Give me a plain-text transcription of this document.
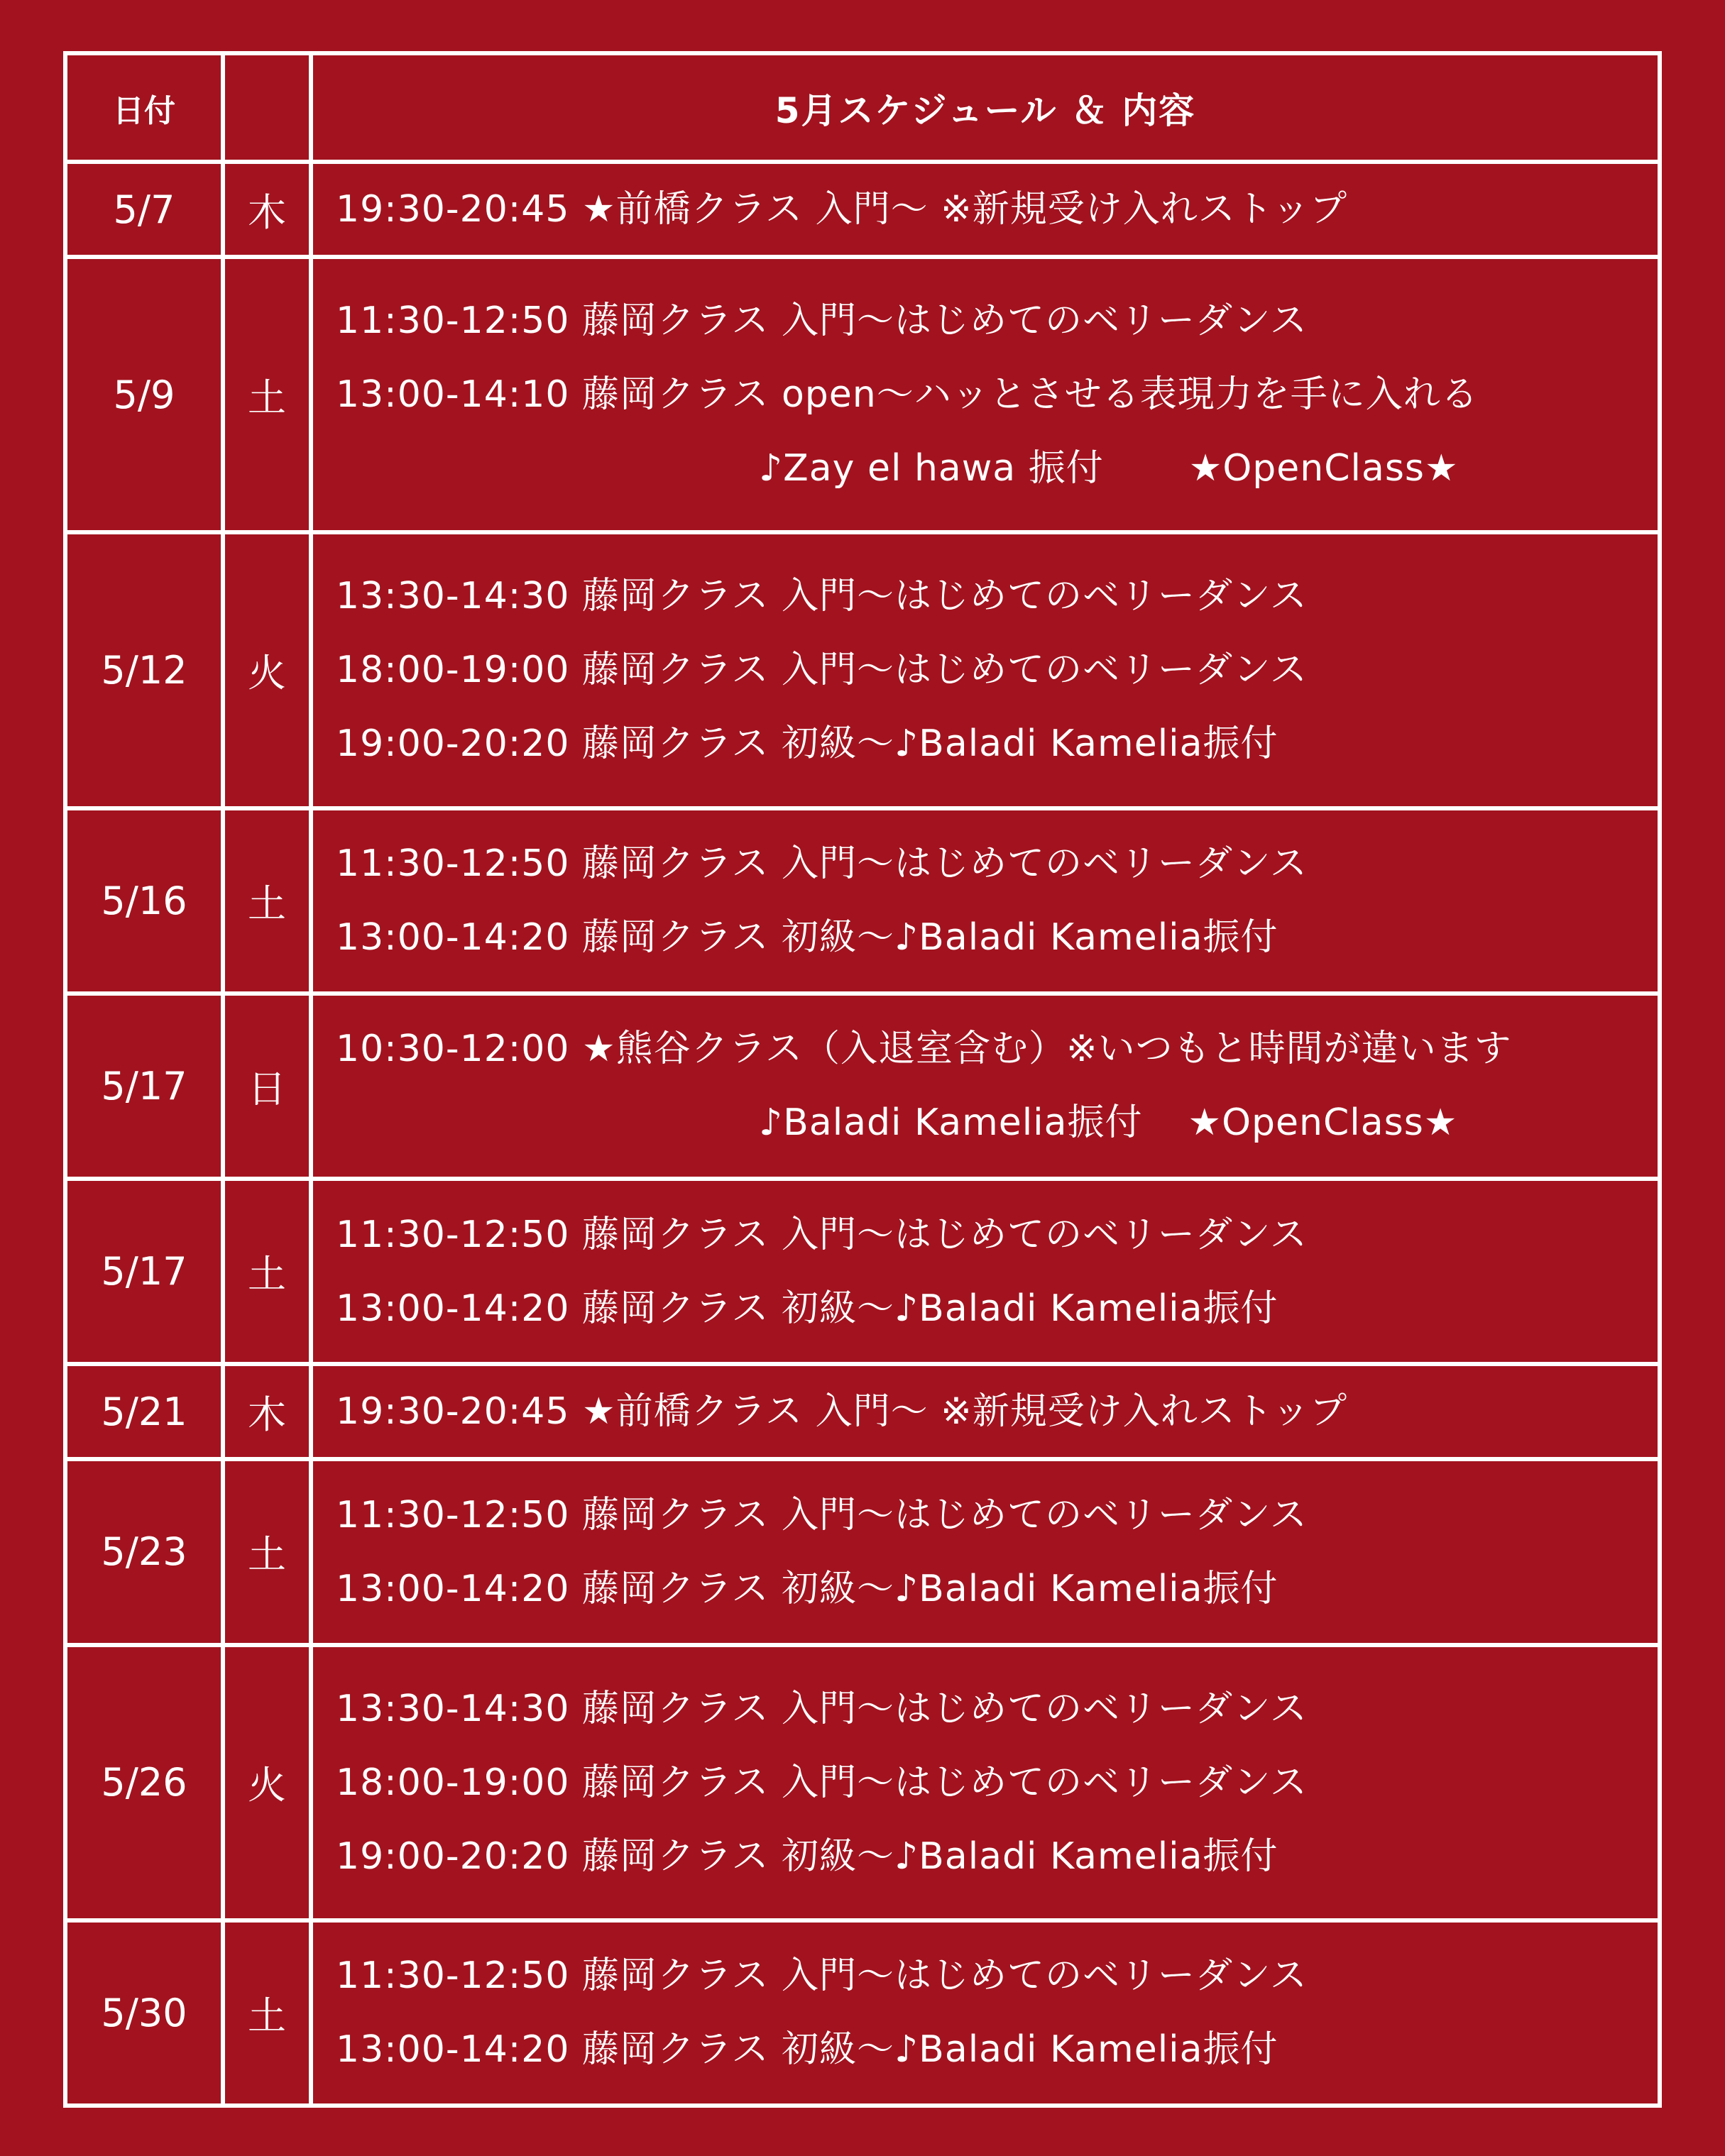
日付		5月スケジュール ＆ 内容
5/7	木	19:30-20:45 ★前橋クラス 入門〜 ※新規受け入れストップ

5/9	土	11:30-12:50 藤岡クラス 入門〜はじめてのベリーダンス
13:00-14:10 藤岡クラス open〜ハッとさせる表現力を手に入れる
♪Zay el hawa 振付 ★OpenClass★

5/12	火	13:30-14:30 藤岡クラス 入門〜はじめてのベリーダンス
18:00-19:00 藤岡クラス 入門〜はじめてのベリーダンス
19:00-20:20 藤岡クラス 初級〜♪Baladi Kamelia振付

5/16	土	11:30-12:50 藤岡クラス 入門〜はじめてのベリーダンス
13:00-14:20 藤岡クラス 初級〜♪Baladi Kamelia振付

5/17	日	10:30-12:00 ★熊谷クラス（入退室含む）※いつもと時間が違います
♪Baladi Kamelia振付 ★OpenClass★

5/17	土	11:30-12:50 藤岡クラス 入門〜はじめてのベリーダンス
13:00-14:20 藤岡クラス 初級〜♪Baladi Kamelia振付

5/21	木	19:30-20:45 ★前橋クラス 入門〜 ※新規受け入れストップ

5/23	土	11:30-12:50 藤岡クラス 入門〜はじめてのベリーダンス
13:00-14:20 藤岡クラス 初級〜♪Baladi Kamelia振付

5/26	火	13:30-14:30 藤岡クラス 入門〜はじめてのベリーダンス
18:00-19:00 藤岡クラス 入門〜はじめてのベリーダンス
19:00-20:20 藤岡クラス 初級〜♪Baladi Kamelia振付

5/30	土	11:30-12:50 藤岡クラス 入門〜はじめてのベリーダンス
13:00-14:20 藤岡クラス 初級〜♪Baladi Kamelia振付
